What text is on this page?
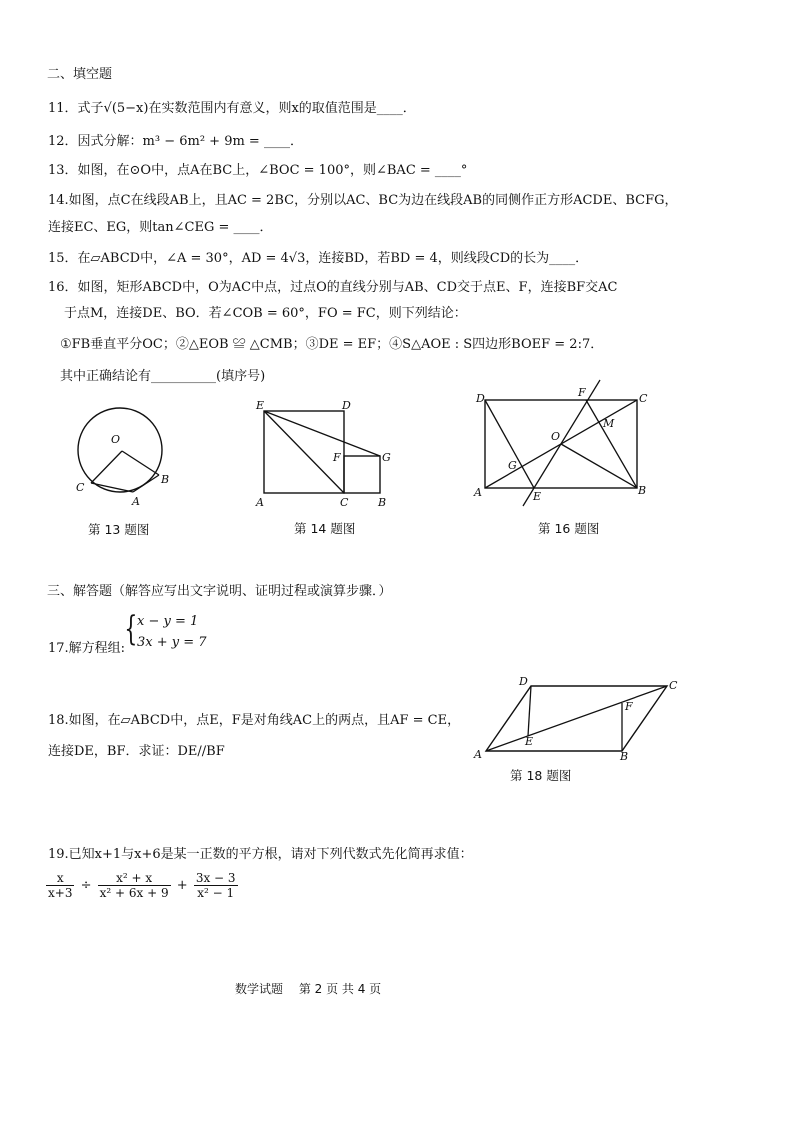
二、填空题
11．式子√(5−x)在实数范围内有意义，则x的取值范围是____．
12．因式分解：m³ − 6m² + 9m = ____．
13．如图，在⊙O中，点A在BC上，∠BOC = 100°，则∠BAC = ____°
14.如图，点C在线段AB上，且AC = 2BC，分别以AC、BC为边在线段AB的同侧作正方形ACDE、BCFG，
连接EC、EG，则tan∠CEG = ____．
15．在▱ABCD中，∠A = 30°，AD = 4√3，连接BD，若BD = 4，则线段CD的长为____．
16．如图，矩形ABCD中，O为AC中点，过点O的直线分别与AB、CD交于点E、F，连接BF交AC
于点M，连接DE、BO．若∠COB = 60°，FO = FC，则下列结论：
①FB垂直平分OC；②△EOB ≌ △CMB；③DE = EF；④S△AOE : S四边形BOEF = 2:7．
其中正确结论有__________(填序号)
O
C
A
B
第 13 题图
E	D
F	G
A	C	B
第 14 题图
D	F	C
M
O
G
A	E	B
第 16 题图
三、解答题（解答应写出文字说明、证明过程或演算步骤．）
17.解方程组: { x − y = 1
3x + y = 7
18.如图，在▱ABCD中，点E，F是对角线AC上的两点，且AF = CE，
连接DE，BF．求证：DE//BF
D	C
F
E
A	B
第 18 题图
19.已知x+1与x+6是某一正数的平方根，请对下列代数式先化简再求值：
$\frac{x}{x+3} \div \frac{\text{x² + x}}{\text{x² + 6x + 9}} + \frac{3x - 3}{\text{x² − 1}}$
数学试题　 第 2 页 共 4 页
